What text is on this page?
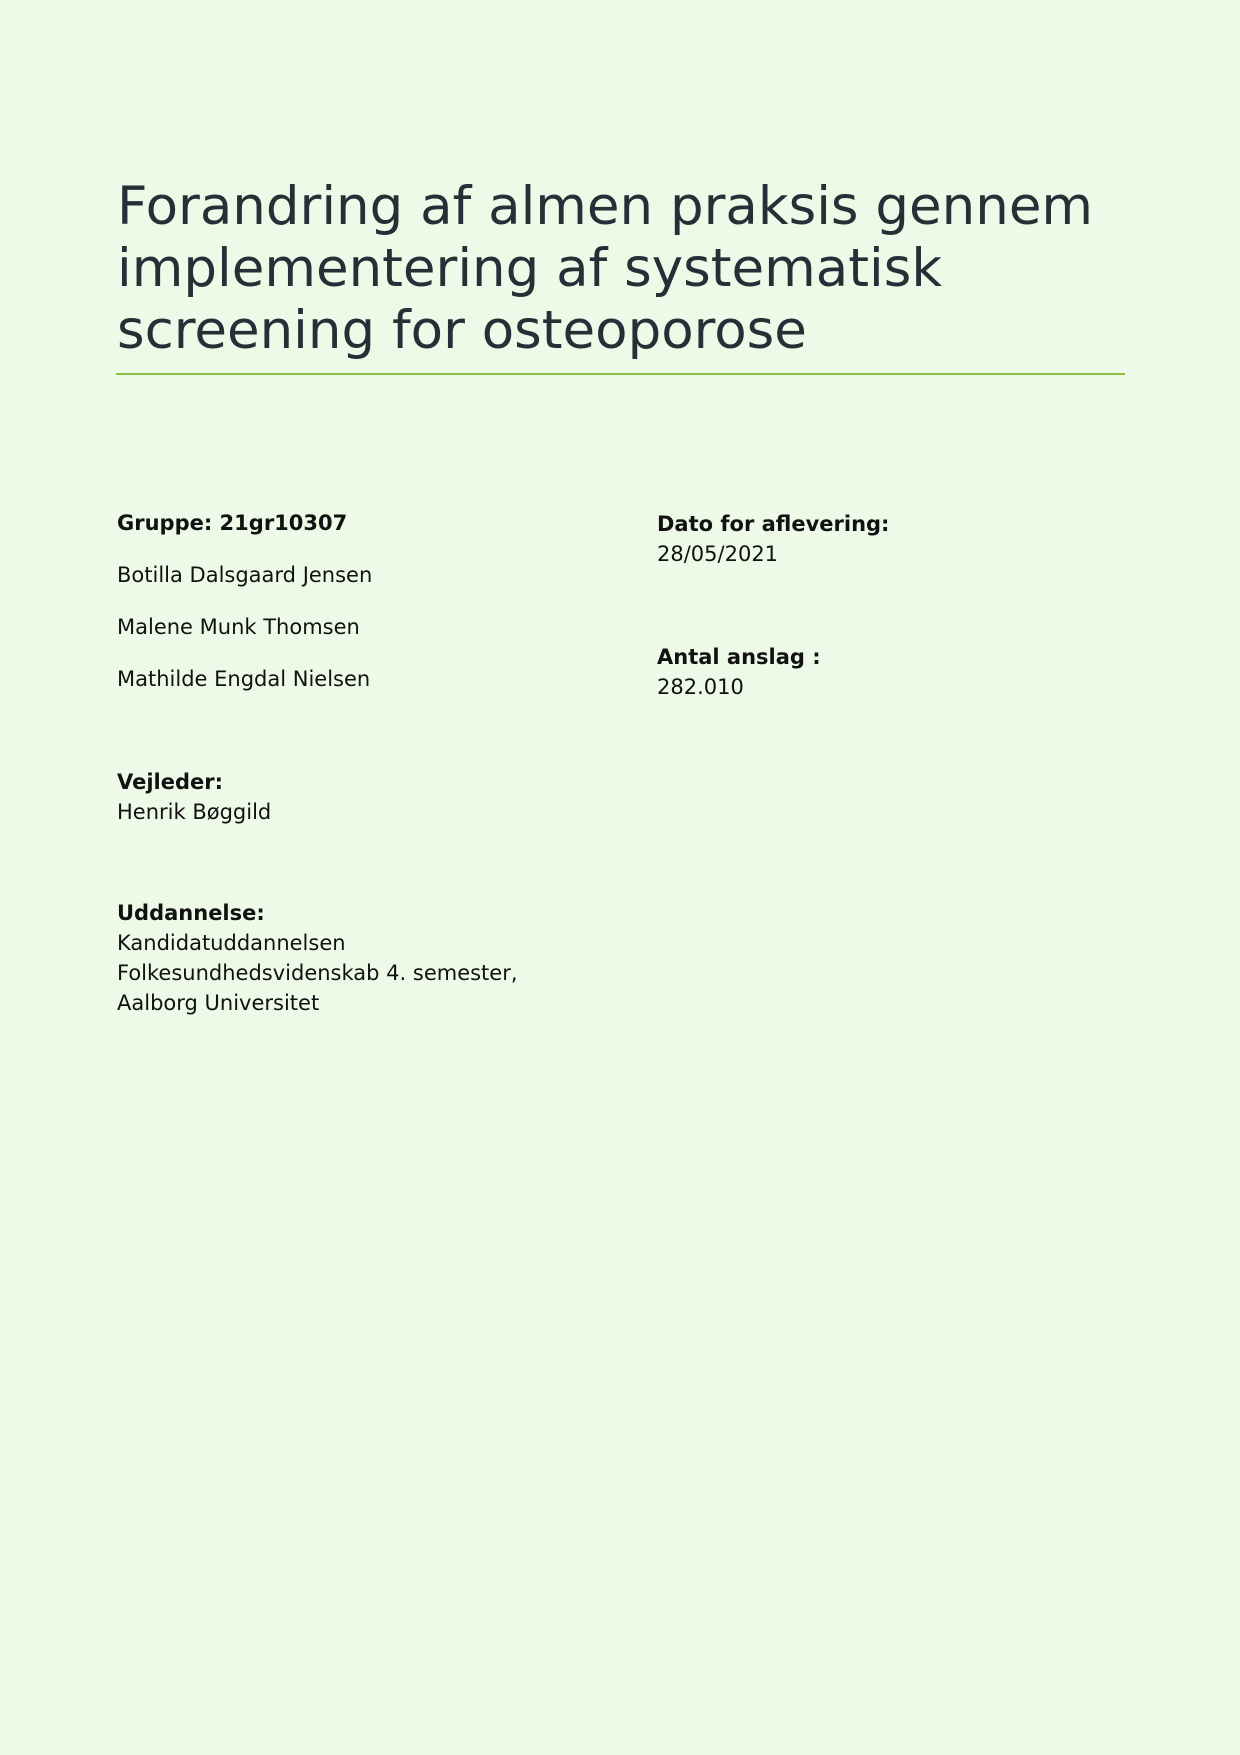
Forandring af almen praksis gennem
implementering af systematisk
screening for osteoporose
Gruppe: 21gr10307
Botilla Dalsgaard Jensen
Malene Munk Thomsen
Mathilde Engdal Nielsen
Dato for aflevering:
28/05/2021
Antal anslag :
282.010
Vejleder:
Henrik Bøggild
Uddannelse:
Kandidatuddannelsen
Folkesundhedsvidenskab 4. semester,
Aalborg Universitet
